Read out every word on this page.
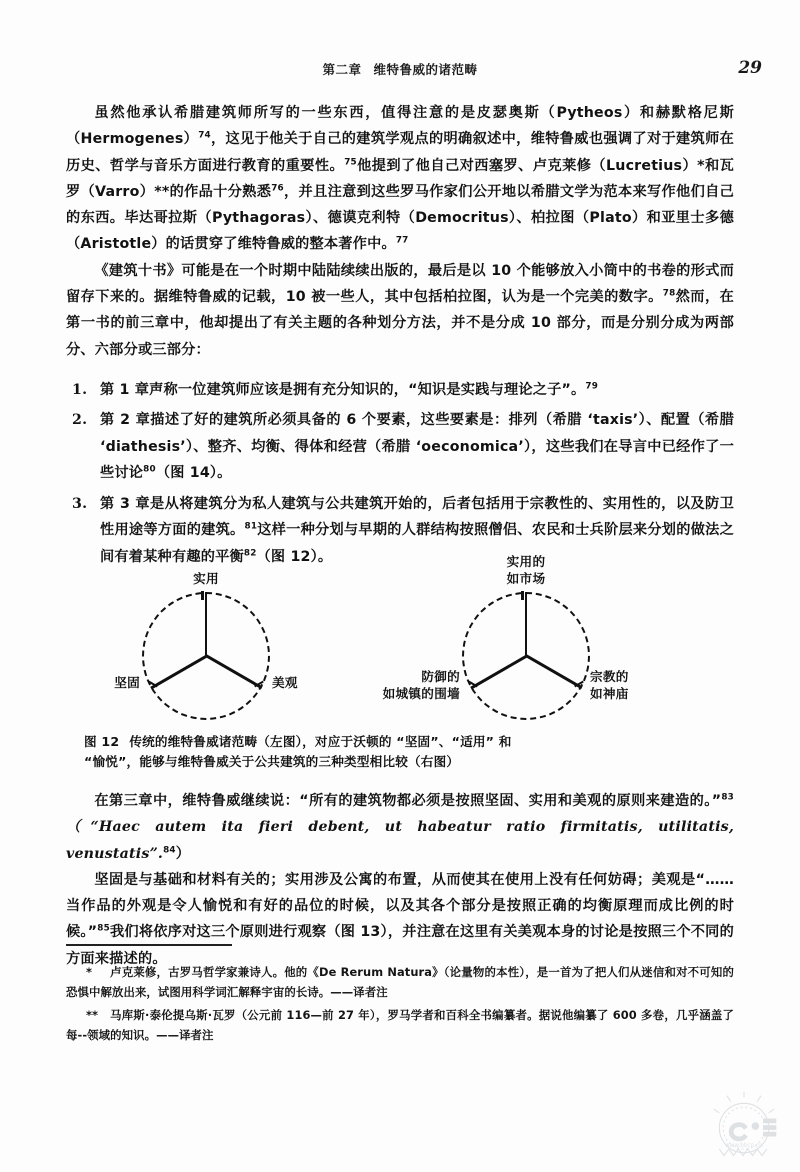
第二章 维特鲁威的诸范畴	29

虽然他承认希腊建筑师所写的一些东西，值得注意的是皮瑟奥斯（Pytheos）和赫默格尼斯（Hermogenes）$^{74}$，这见于他关于自己的建筑学观点的明确叙述中，维特鲁威也强调了对于建筑师在历史、哲学与音乐方面进行教育的重要性。$^{75}$他提到了他自己对西塞罗、卢克莱修（Lucretius）*和瓦罗（Varro）**的作品十分熟悉$^{76}$，并且注意到这些罗马作家们公开地以希腊文学为范本来写作他们自己的东西。毕达哥拉斯（Pythagoras）、德谟克利特（Democritus）、柏拉图（Plato）和亚里士多德（Aristotle）的话贯穿了维特鲁威的整本著作中。$^{77}$

《建筑十书》可能是在一个时期中陆陆续续出版的，最后是以 10 个能够放入小筒中的书卷的形式而留存下来的。据维特鲁威的记载，10 被一些人，其中包括柏拉图，认为是一个完美的数字。$^{78}$然而，在第一书的前三章中，他却提出了有关主题的各种划分方法，并不是分成 10 部分，而是分别分成为两部分、六部分或三部分：

1. 第 1 章声称一位建筑师应该是拥有充分知识的，“知识是实践与理论之子”。$^{79}$
2. 第 2 章描述了好的建筑所必须具备的 6 个要素，这些要素是：排列（希腊 ‘taxis’）、配置（希腊 ‘diathesis’）、整齐、均衡、得体和经营（希腊 ‘oeconomica’），这些我们在导言中已经作了一些讨论$^{80}$（图 14）。
3. 第 3 章是从将建筑分为私人建筑与公共建筑开始的，后者包括用于宗教性的、实用性的，以及防卫性用途等方面的建筑。$^{81}$这样一种分划与早期的人群结构按照僧侣、农民和士兵阶层来分划的做法之间有着某种有趣的平衡$^{82}$（图 12）。
实用
坚固	美观
实用的
如市场
防御的
如城镇的围墙
宗教的
如神庙
图 12 传统的维特鲁威诸范畴（左图），对应于沃顿的 “坚固”、“适用” 和
“愉悦”，能够与维特鲁威关于公共建筑的三种类型相比较（右图）

在第三章中，维特鲁威继续说：“所有的建筑物都必须是按照坚固、实用和美观的原则来建造的。”$^{83}$（“Haec autem ita fieri debent, ut habeatur ratio firmitatis, utilitatis, venustatis”.$^{84}$）

坚固是与基础和材料有关的；实用涉及公寓的布置，从而使其在使用上没有任何妨碍；美观是“……当作品的外观是令人愉悦和有好的品位的时候，以及其各个部分是按照正确的均衡原理而成比例的时候。”$^{85}$我们将依序对这三个原则进行观察（图 13），并注意在这里有关美观本身的讨论是按照三个不同的方面来描述的。

* 卢克莱修，古罗马哲学家兼诗人。他的《De Rerum Natura》（论量物的本性），是一首为了把人们从迷信和对不可知的恐惧中解放出来，试图用科学词汇解释宇宙的长诗。——译者注
** 马库斯·泰伦提乌斯·瓦罗（公元前 116—前 27 年），罗马学者和百科全书编纂者。据说他编纂了 600 多卷，几乎涵盖了每--领域的知识。——译者注
www.bbcn.cn
